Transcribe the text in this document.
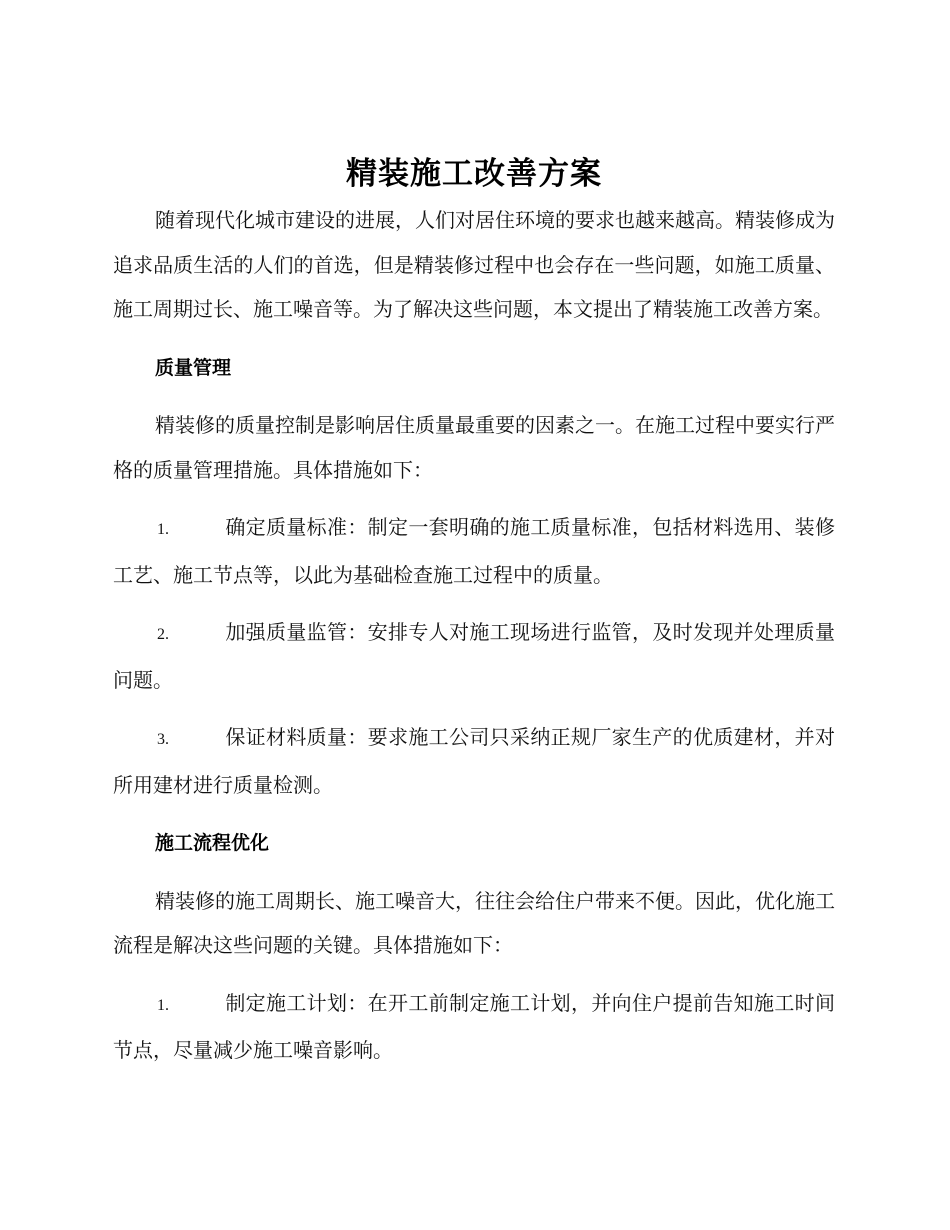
精装施工改善方案

随着现代化城市建设的进展，人们对居住环境的要求也越来越高。精装修成为追求品质生活的人们的首选，但是精装修过程中也会存在一些问题，如施工质量、施工周期过长、施工噪音等。为了解决这些问题，本文提出了精装施工改善方案。

质量管理

精装修的质量控制是影响居住质量最重要的因素之一。在施工过程中要实行严格的质量管理措施。具体措施如下：

1.	确定质量标准：制定一套明确的施工质量标准，包括材料选用、装修工艺、施工节点等，以此为基础检查施工过程中的质量。

2.	加强质量监管：安排专人对施工现场进行监管，及时发现并处理质量问题。

3.	保证材料质量：要求施工公司只采纳正规厂家生产的优质建材，并对所用建材进行质量检测。

施工流程优化

精装修的施工周期长、施工噪音大，往往会给住户带来不便。因此，优化施工流程是解决这些问题的关键。具体措施如下：

1.	制定施工计划：在开工前制定施工计划，并向住户提前告知施工时间节点，尽量减少施工噪音影响。
